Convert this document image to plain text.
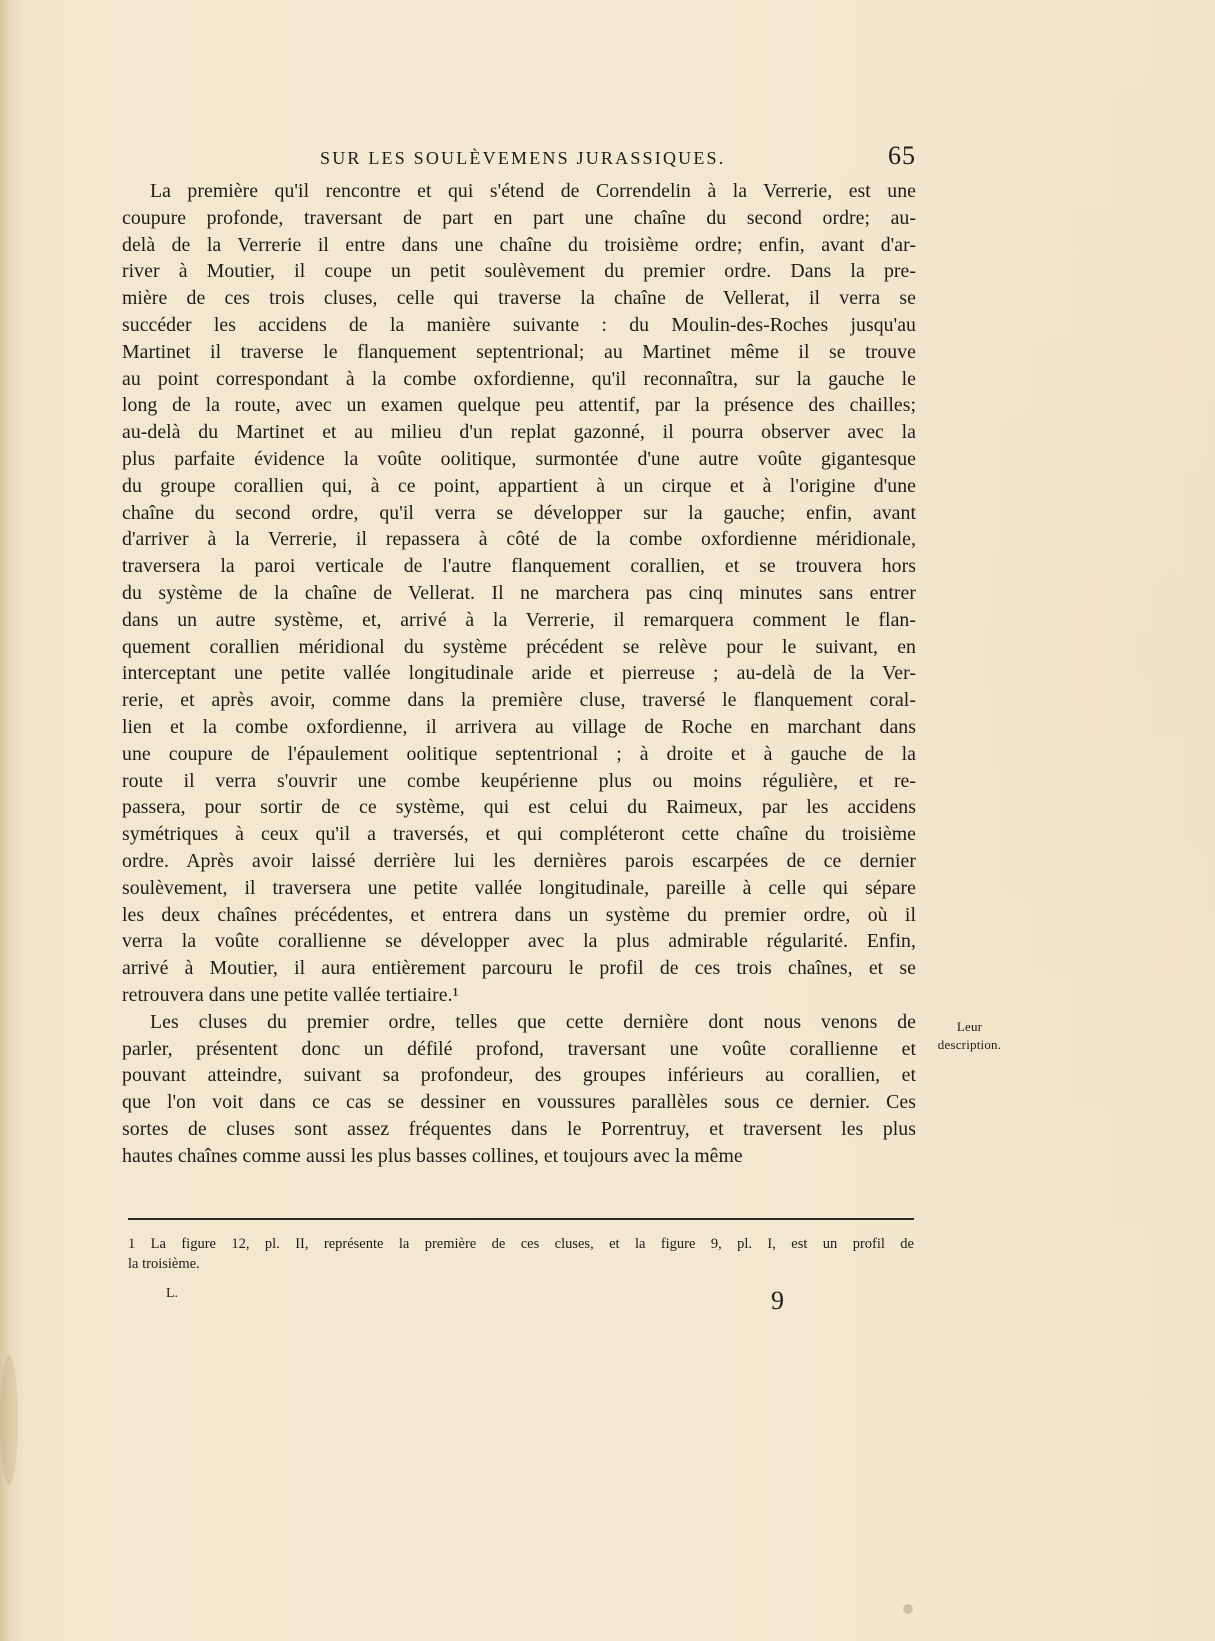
SUR LES SOULÈVEMENS JURASSIQUES.	65
La première qu'il rencontre et qui s'étend de Correndelin à la Verrerie, est une
coupure profonde, traversant de part en part une chaîne du second ordre; au-
delà de la Verrerie il entre dans une chaîne du troisième ordre; enfin, avant d'ar-
river à Moutier, il coupe un petit soulèvement du premier ordre. Dans la pre-
mière de ces trois cluses, celle qui traverse la chaîne de Vellerat, il verra se
succéder les accidens de la manière suivante : du Moulin-des-Roches jusqu'au
Martinet il traverse le flanquement septentrional; au Martinet même il se trouve
au point correspondant à la combe oxfordienne, qu'il reconnaîtra, sur la gauche le
long de la route, avec un examen quelque peu attentif, par la présence des chailles;
au-delà du Martinet et au milieu d'un replat gazonné, il pourra observer avec la
plus parfaite évidence la voûte oolitique, surmontée d'une autre voûte gigantesque
du groupe corallien qui, à ce point, appartient à un cirque et à l'origine d'une
chaîne du second ordre, qu'il verra se développer sur la gauche; enfin, avant
d'arriver à la Verrerie, il repassera à côté de la combe oxfordienne méridionale,
traversera la paroi verticale de l'autre flanquement corallien, et se trouvera hors
du système de la chaîne de Vellerat. Il ne marchera pas cinq minutes sans entrer
dans un autre système, et, arrivé à la Verrerie, il remarquera comment le flan-
quement corallien méridional du système précédent se relève pour le suivant, en
interceptant une petite vallée longitudinale aride et pierreuse ; au-delà de la Ver-
rerie, et après avoir, comme dans la première cluse, traversé le flanquement coral-
lien et la combe oxfordienne, il arrivera au village de Roche en marchant dans
une coupure de l'épaulement oolitique septentrional ; à droite et à gauche de la
route il verra s'ouvrir une combe keupérienne plus ou moins régulière, et re-
passera, pour sortir de ce système, qui est celui du Raimeux, par les accidens
symétriques à ceux qu'il a traversés, et qui compléteront cette chaîne du troisième
ordre. Après avoir laissé derrière lui les dernières parois escarpées de ce dernier
soulèvement, il traversera une petite vallée longitudinale, pareille à celle qui sépare
les deux chaînes précédentes, et entrera dans un système du premier ordre, où il
verra la voûte corallienne se développer avec la plus admirable régularité. Enfin,
arrivé à Moutier, il aura entièrement parcouru le profil de ces trois chaînes, et se
retrouvera dans une petite vallée tertiaire.¹
Les cluses du premier ordre, telles que cette dernière dont nous venons de
parler, présentent donc un défilé profond, traversant une voûte corallienne et
pouvant atteindre, suivant sa profondeur, des groupes inférieurs au corallien, et
que l'on voit dans ce cas se dessiner en voussures parallèles sous ce dernier. Ces
sortes de cluses sont assez fréquentes dans le Porrentruy, et traversent les plus
hautes chaînes comme aussi les plus basses collines, et toujours avec la même
Leur
description.
1 La figure 12, pl. II, représente la première de ces cluses, et la figure 9, pl. I, est un profil de
la troisième.
L.	9
